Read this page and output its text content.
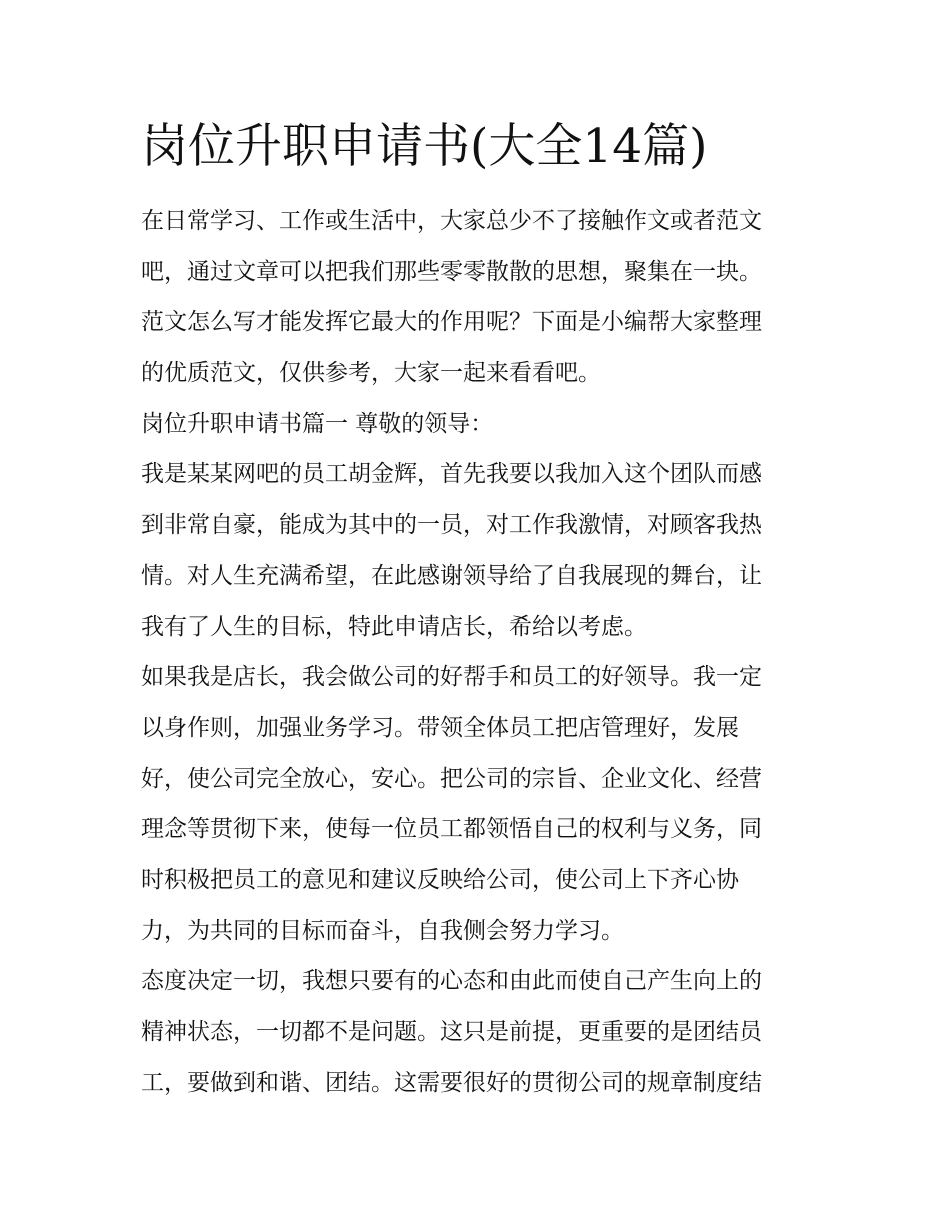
岗位升职申请书(大全14篇)
在日常学习、工作或生活中，大家总少不了接触作文或者范文
吧，通过文章可以把我们那些零零散散的思想，聚集在一块。
范文怎么写才能发挥它最大的作用呢？下面是小编帮大家整理
的优质范文，仅供参考，大家一起来看看吧。
岗位升职申请书篇一 尊敬的领导：
我是某某网吧的员工胡金辉，首先我要以我加入这个团队而感
到非常自豪，能成为其中的一员，对工作我激情，对顾客我热
情。对人生充满希望，在此感谢领导给了自我展现的舞台，让
我有了人生的目标，特此申请店长，希给以考虑。
如果我是店长，我会做公司的好帮手和员工的好领导。我一定
以身作则，加强业务学习。带领全体员工把店管理好，发展
好，使公司完全放心，安心。把公司的宗旨、企业文化、经营
理念等贯彻下来，使每一位员工都领悟自己的权利与义务，同
时积极把员工的意见和建议反映给公司，使公司上下齐心协
力，为共同的目标而奋斗，自我侧会努力学习。
态度决定一切，我想只要有的心态和由此而使自己产生向上的
精神状态，一切都不是问题。这只是前提，更重要的是团结员
工，要做到和谐、团结。这需要很好的贯彻公司的规章制度结
